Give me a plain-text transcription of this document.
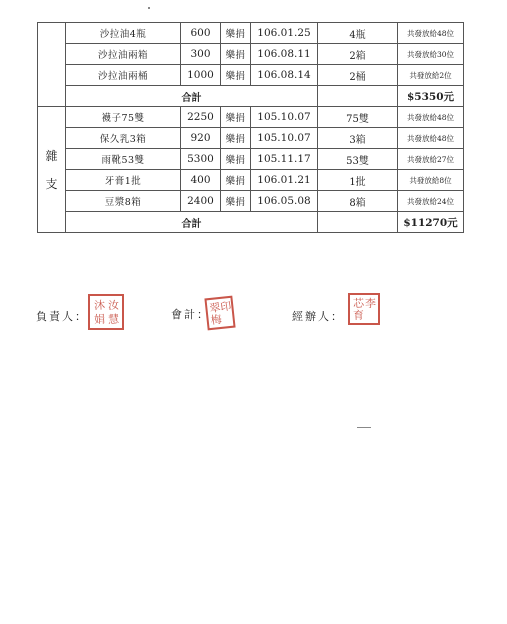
	沙拉油4瓶	600	樂捐	106.01.25	4瓶	共發放給48位
	沙拉油兩箱	300	樂捐	106.08.11	2箱	共發放給30位
	沙拉油兩桶	1000	樂捐	106.08.14	2桶	共發放給2位
	合計					$5350元

雜

支	襪子75雙	2250	樂捐	105.10.07	75雙	共發放給48位
	保久乳3箱	920	樂捐	105.10.07	3箱	共發放給48位
	雨靴53雙	5300	樂捐	105.11.17	53雙	共發放給27位
	牙膏1批	400	樂捐	106.01.21	1批	共發放給8位
	豆漿8箱	2400	樂捐	106.05.08	8箱	共發放給24位
	合計					$11270元
負責人：
沐 汝
娟 慧	會計：
翠
印
梅	經辦人：
芯 李
育
